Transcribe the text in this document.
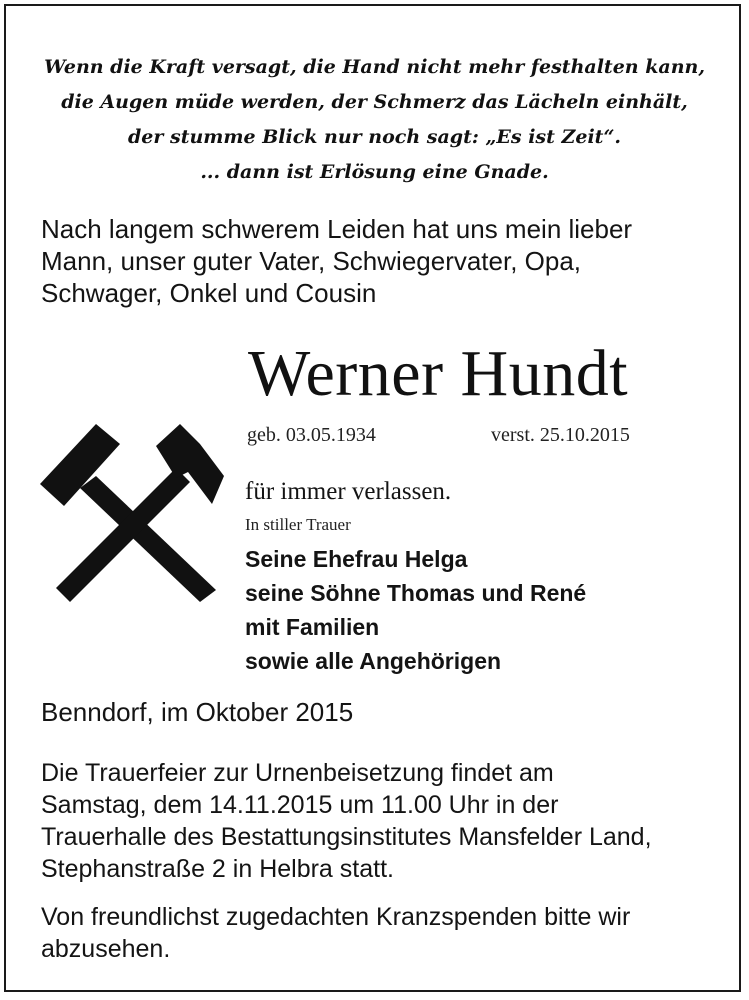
Wenn die Kraft versagt, die Hand nicht mehr festhalten kann,
die Augen müde werden, der Schmerz das Lächeln einhält,
der stumme Blick nur noch sagt: „Es ist Zeit“.
... dann ist Erlösung eine Gnade.
Nach langem schwerem Leiden hat uns mein lieber
Mann, unser guter Vater, Schwiegervater, Opa,
Schwager, Onkel und Cousin
Werner Hundt
geb. 03.05.1934	verst. 25.10.2015
für immer verlassen.
In stiller Trauer
Seine Ehefrau Helga
seine Söhne Thomas und René
mit Familien
sowie alle Angehörigen
Benndorf, im Oktober 2015
Die Trauerfeier zur Urnenbeisetzung findet am
Samstag, dem 14.11.2015 um 11.00 Uhr in der
Trauerhalle des Bestattungsinstitutes Mansfelder Land,
Stephanstraße 2 in Helbra statt.
Von freundlichst zugedachten Kranzspenden bitte wir
abzusehen.
